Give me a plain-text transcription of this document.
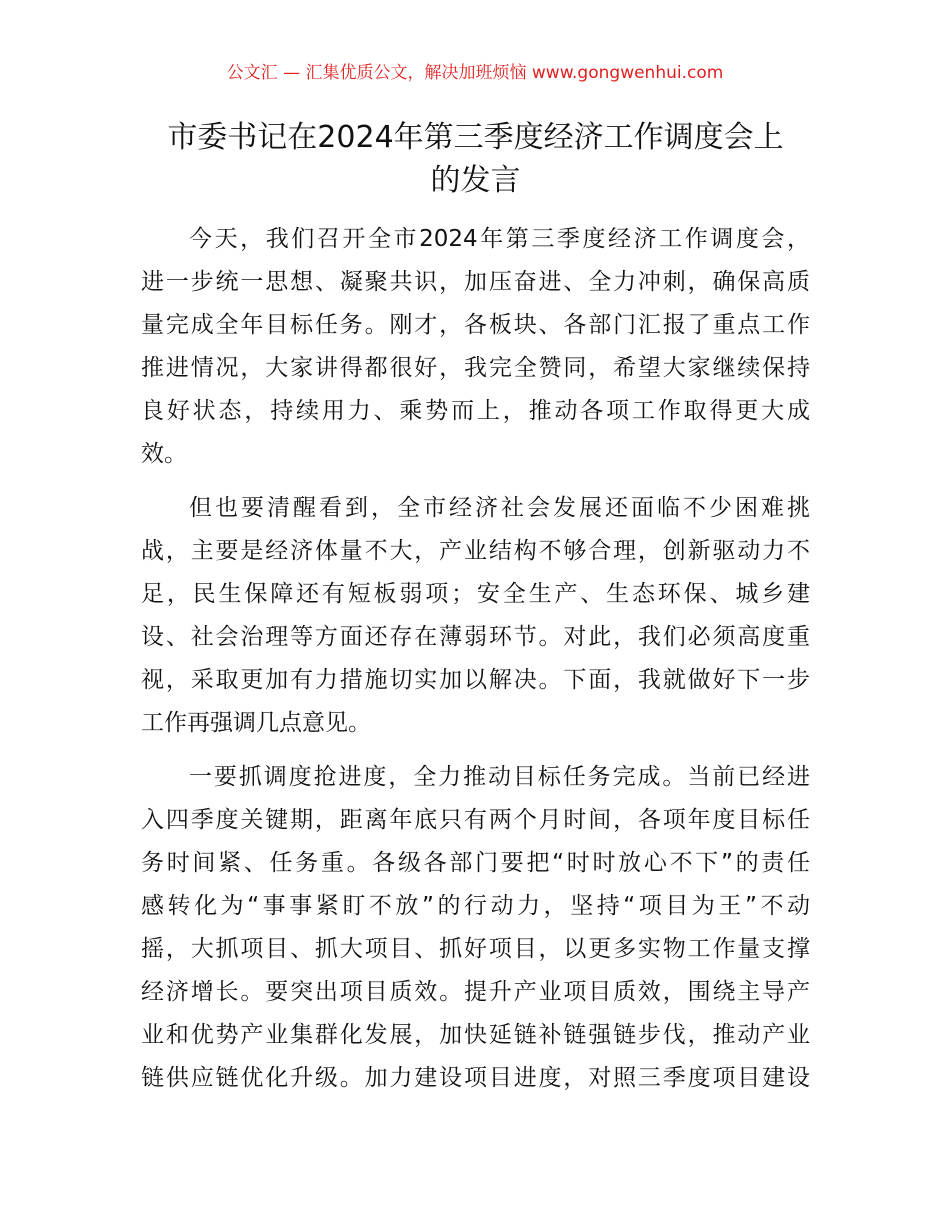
公文汇 — 汇集优质公文，解决加班烦恼 www.gongwenhui.com
市委书记在2024年第三季度经济工作调度会上
的发言
今天，我们召开全市2024年第三季度经济工作调度会，
进一步统一思想、凝聚共识，加压奋进、全力冲刺，确保高质
量完成全年目标任务。刚才，各板块、各部门汇报了重点工作
推进情况，大家讲得都很好，我完全赞同，希望大家继续保持
良好状态，持续用力、乘势而上，推动各项工作取得更大成
效。
但也要清醒看到，全市经济社会发展还面临不少困难挑
战，主要是经济体量不大，产业结构不够合理，创新驱动力不
足，民生保障还有短板弱项；安全生产、生态环保、城乡建
设、社会治理等方面还存在薄弱环节。对此，我们必须高度重
视，采取更加有力措施切实加以解决。下面，我就做好下一步
工作再强调几点意见。
一要抓调度抢进度，全力推动目标任务完成。当前已经进
入四季度关键期，距离年底只有两个月时间，各项年度目标任
务时间紧、任务重。各级各部门要把“时时放心不下”的责任
感转化为“事事紧盯不放”的行动力，坚持“项目为王”不动
摇，大抓项目、抓大项目、抓好项目，以更多实物工作量支撑
经济增长。要突出项目质效。提升产业项目质效，围绕主导产
业和优势产业集群化发展，加快延链补链强链步伐，推动产业
链供应链优化升级。加力建设项目进度，对照三季度项目建设
